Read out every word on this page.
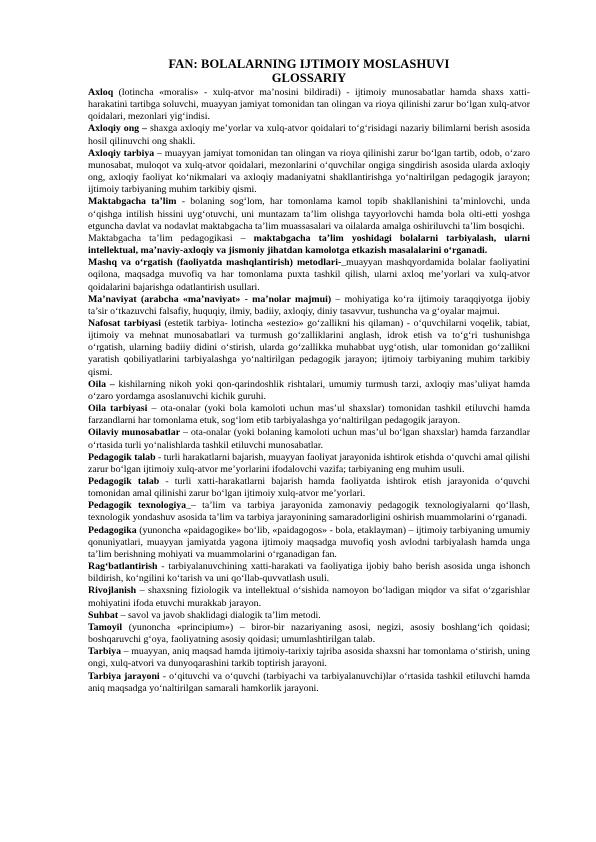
FAN: BOLALARNING IJTIMOIY MOSLASHUVI

GLOSSARIY

Axloq (lotincha «moralis» - xulq-atvor ma’nosini bildiradi) - ijtimoiy munosabatlar hamda shaxs xatti-harakatini tartibga soluvchi, muayyan jamiyat tomonidan tan olingan va rioya qilinishi zarur bo‘lgan xulq-atvor qoidalari, mezonlari yig‘indisi.

Axloqiy ong – shaxga axloqiy me’yorlar va xulq-atvor qoidalari to‘g‘risidagi nazariy bilimlarni berish asosida hosil qilinuvchi ong shakli.

Axloqiy tarbiya – muayyan jamiyat tomonidan tan olingan va rioya qilinishi zarur bo‘lgan tartib, odob, o‘zaro munosabat, muloqot va xulq-atvor qoidalari, mezonlarini o‘quvchilar ongiga singdirish asosida ularda axloqiy ong, axloqiy faoliyat ko‘nikmalari va axloqiy madaniyatni shakllantirishga yo‘naltirilgan pedagogik jarayon; ijtimoiy tarbiyaning muhim tarkibiy qismi.

Maktabgacha ta’lim - bolaning sog‘lom, har tomonlama kamol topib shakllanishini ta’minlovchi, unda o‘qishga intilish hissini uyg‘otuvchi, uni muntazam ta’lim olishga tayyorlovchi hamda bola olti-etti yoshga etguncha davlat va nodavlat maktabgacha ta’lim muassasalari va oilalarda amalga oshiriluvchi ta’lim bosqichi.

Maktabgacha ta’lim pedagogikasi – maktabgacha ta’lim yoshidagi bolalarni tarbiyalash, ularni intellektual, ma’naviy-axloqiy va jismoniy jihatdan kamolotga etkazish masalalarini o‘rganadi.

Mashq va o‘rgatish (faoliyatda mashqlantirish) metodlari-_muayyan mashqyordamida bolalar faoliyatini oqilona, maqsadga muvofiq va har tomonlama puxta tashkil qilish, ularni axloq me’yorlari va xulq-atvor qoidalarini bajarishga odatlantirish usullari.

Ma’naviyat (arabcha «ma’naviyat» - ma’nolar majmui) – mohiyatiga ko‘ra ijtimoiy taraqqiyotga ijobiy ta’sir o‘tkazuvchi falsafiy, huquqiy, ilmiy, badiiy, axloqiy, diniy tasavvur, tushuncha va g‘oyalar majmui.

Nafosat tarbiyasi (estetik tarbiya- lotincha «estezio» go‘zallikni his qilaman) - o‘quvchilarni voqelik, tabiat, ijtimoiy va mehnat munosabatlari va turmush go‘zalliklarini anglash, idrok etish va to‘g‘ri tushunishga o‘rgatish, ularning badiiy didini o‘stirish, ularda go‘zallikka muhabbat uyg‘otish, ular tomonidan go‘zallikni yaratish qobiliyatlarini tarbiyalashga yo‘naltirilgan pedagogik jarayon; ijtimoiy tarbiyaning muhim tarkibiy qismi.

Oila – kishilarning nikoh yoki qon-qarindoshlik rishtalari, umumiy turmush tarzi, axloqiy mas’uliyat hamda o‘zaro yordamga asoslanuvchi kichik guruhi.

Oila tarbiyasi – ota-onalar (yoki bola kamoloti uchun mas’ul shaxslar) tomonidan tashkil etiluvchi hamda farzandlarni har tomonlama etuk, sog‘lom etib tarbiyalashga yo‘naltirilgan pedagogik jarayon.

Oilaviy munosabatlar – ota-onalar (yoki bolaning kamoloti uchun mas’ul bo‘lgan shaxslar) hamda farzandlar o‘rtasida turli yo‘nalishlarda tashkil etiluvchi munosabatlar.

Pedagogik talab - turli harakatlarni bajarish, muayyan faoliyat jarayonida ishtirok etishda o‘quvchi amal qilishi zarur bo‘lgan ijtimoiy xulq-atvor me’yorlarini ifodalovchi vazifa; tarbiyaning eng muhim usuli.

Pedagogik talab - turli xatti-harakatlarni bajarish hamda faoliyatda ishtirok etish jarayonida o‘quvchi tomonidan amal qilinishi zarur bo‘lgan ijtimoiy xulq-atvor me’yorlari.

Pedagogik texnologiya_– ta’lim va tarbiya jarayonida zamonaviy pedagogik texnologiyalarni qo‘llash, texnologik yondashuv asosida ta’lim va tarbiya jarayonining samaradorligini oshirish muammolarini o‘rganadi.

Pedagogika (yunoncha «paidagogike» bo‘lib, «paidagogos» - bola, etaklayman) – ijtimoiy tarbiyaning umumiy qonuniyatlari, muayyan jamiyatda yagona ijtimoiy maqsadga muvofiq yosh avlodni tarbiyalash hamda unga ta’lim berishning mohiyati va muammolarini o‘rganadigan fan.

Rag‘batlantirish - tarbiyalanuvchining xatti-harakati va faoliyatiga ijobiy baho berish asosida unga ishonch bildirish, ko‘ngilini ko‘tarish va uni qo‘llab-quvvatlash usuli.

Rivojlanish – shaxsning fiziologik va intellektual o‘sishida namoyon bo‘ladigan miqdor va sifat o‘zgarishlar mohiyatini ifoda etuvchi murakkab jarayon.

Suhbat – savol va javob shaklidagi dialogik ta’lim metodi.

Tamoyil (yunoncha «principium») – biror-bir nazariyaning asosi, negizi, asosiy boshlang‘ich qoidasi; boshqaruvchi g‘oya, faoliyatning asosiy qoidasi; umumlashtirilgan talab.

Tarbiya – muayyan, aniq maqsad hamda ijtimoiy-tarixiy tajriba asosida shaxsni har tomonlama o‘stirish, uning ongi, xulq-atvori va dunyoqarashini tarkib toptirish jarayoni.

Tarbiya jarayoni - o‘qituvchi va o‘quvchi (tarbiyachi va tarbiyalanuvchi)lar o‘rtasida tashkil etiluvchi hamda aniq maqsadga yo‘naltirilgan samarali hamkorlik jarayoni.
